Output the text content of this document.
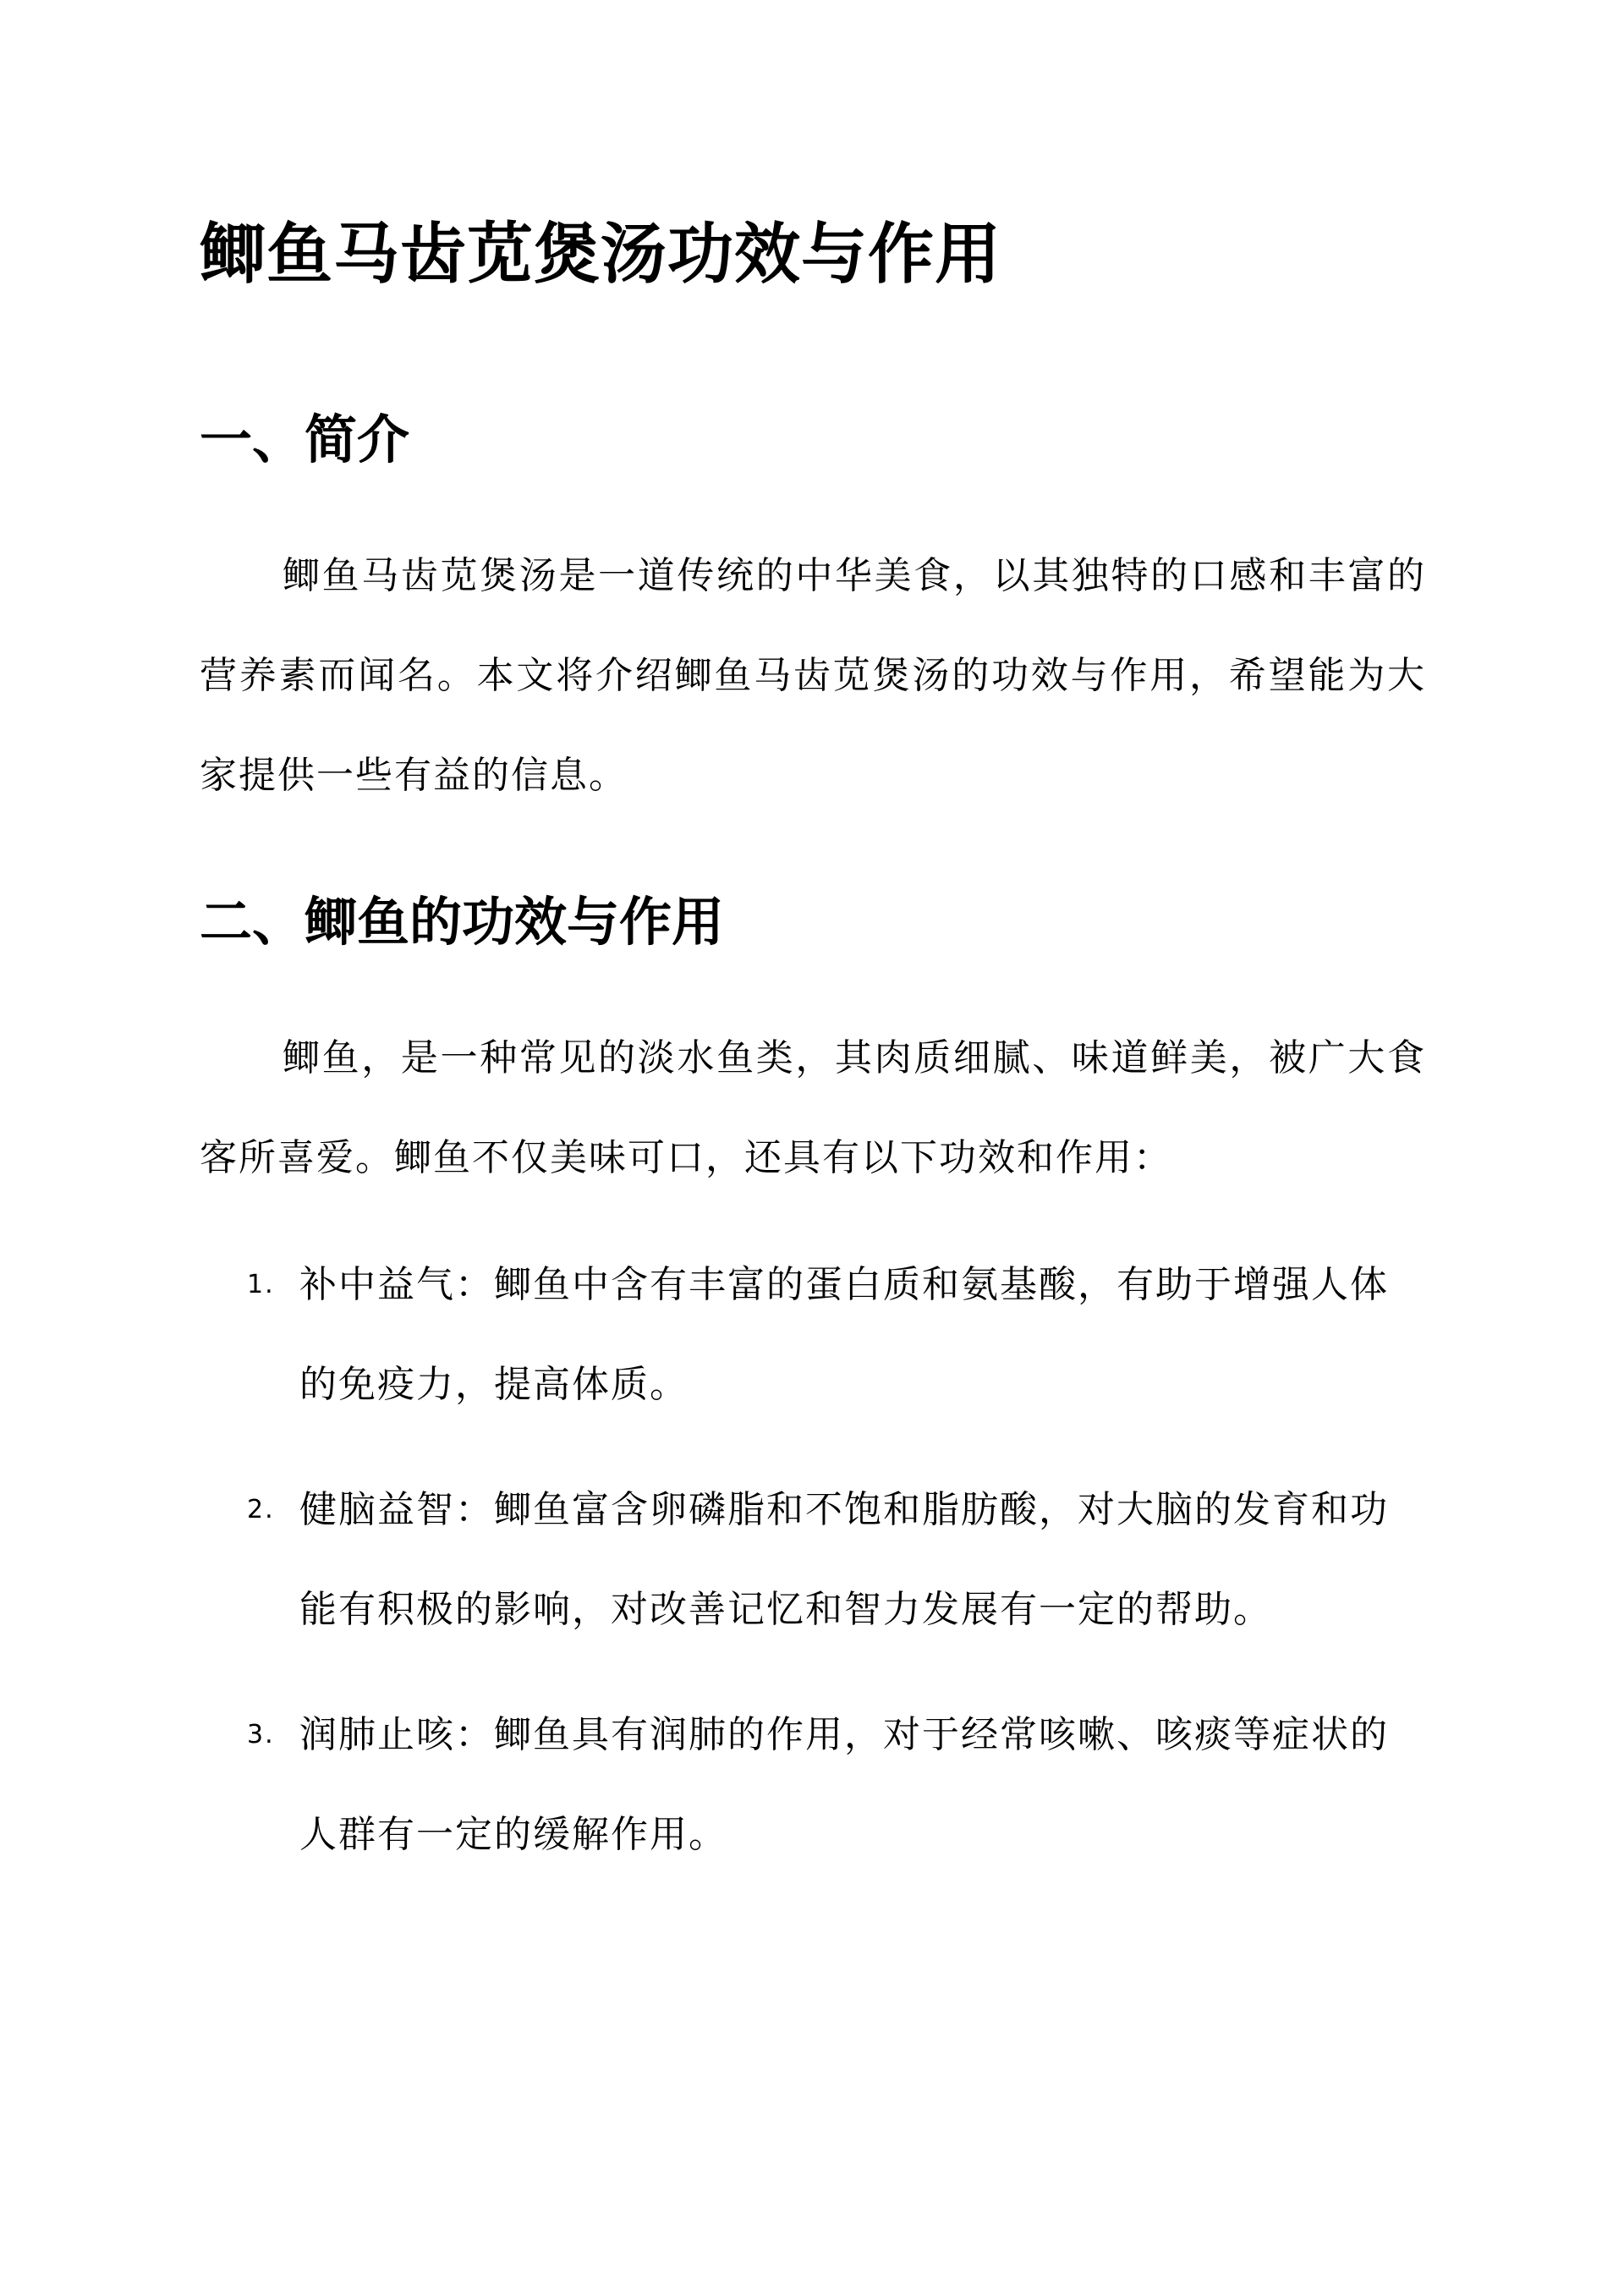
鲫鱼马齿苋煲汤功效与作用
一、简介
鲫鱼马齿苋煲汤是一道传统的中华美食，以其独特的口感和丰富的营养素而闻名。本文将介绍鲫鱼马齿苋煲汤的功效与作用，希望能为大家提供一些有益的信息。
二、鲫鱼的功效与作用
鲫鱼，是一种常见的淡水鱼类，其肉质细腻、味道鲜美，被广大食客所喜爱。鲫鱼不仅美味可口，还具有以下功效和作用：
1. 补中益气：鲫鱼中含有丰富的蛋白质和氨基酸，有助于增强人体的免疫力，提高体质。
2. 健脑益智：鲫鱼富含卵磷脂和不饱和脂肪酸，对大脑的发育和功能有积极的影响，对改善记忆和智力发展有一定的帮助。
3. 润肺止咳：鲫鱼具有润肺的作用，对于经常咳嗽、咳痰等症状的人群有一定的缓解作用。
